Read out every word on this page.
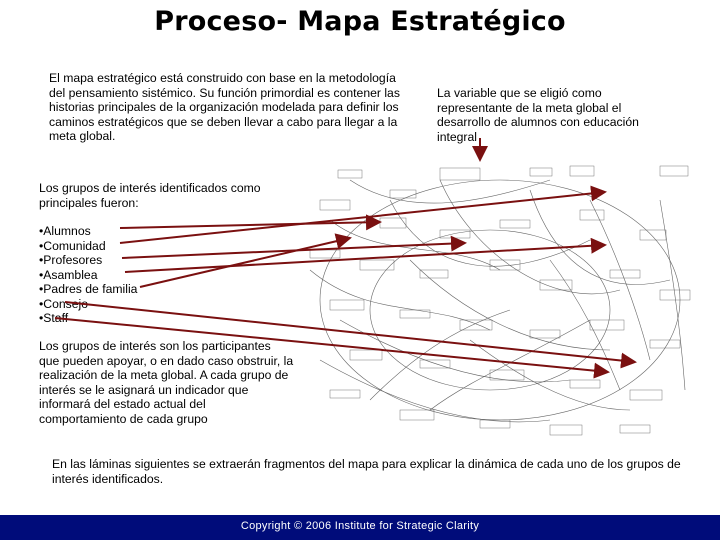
Proceso- Mapa Estratégico
El mapa estratégico está construido con base en la metodología del pensamiento sistémico. Su función primordial es contener las historias principales de la organización modelada para definir los caminos estratégicos que se deben llevar a cabo para llegar a la meta global.
La variable que se eligió como representante de la meta global el desarrollo de alumnos con educación integral
Los grupos de interés identificados como principales fueron:
• Alumnos
• Comunidad
• Profesores
• Asamblea
• Padres de familia
• Consejo
• Staff
Los grupos de interés son los participantes que pueden apoyar, o en dado caso obstruir, la realización de la meta global. A cada grupo de interés se le asignará un indicador que informará del estado actual del comportamiento de cada grupo
En las láminas siguientes se extraerán fragmentos del mapa para explicar la dinámica de cada uno de los grupos de interés identificados.
Copyright © 2006 Institute for Strategic Clarity
